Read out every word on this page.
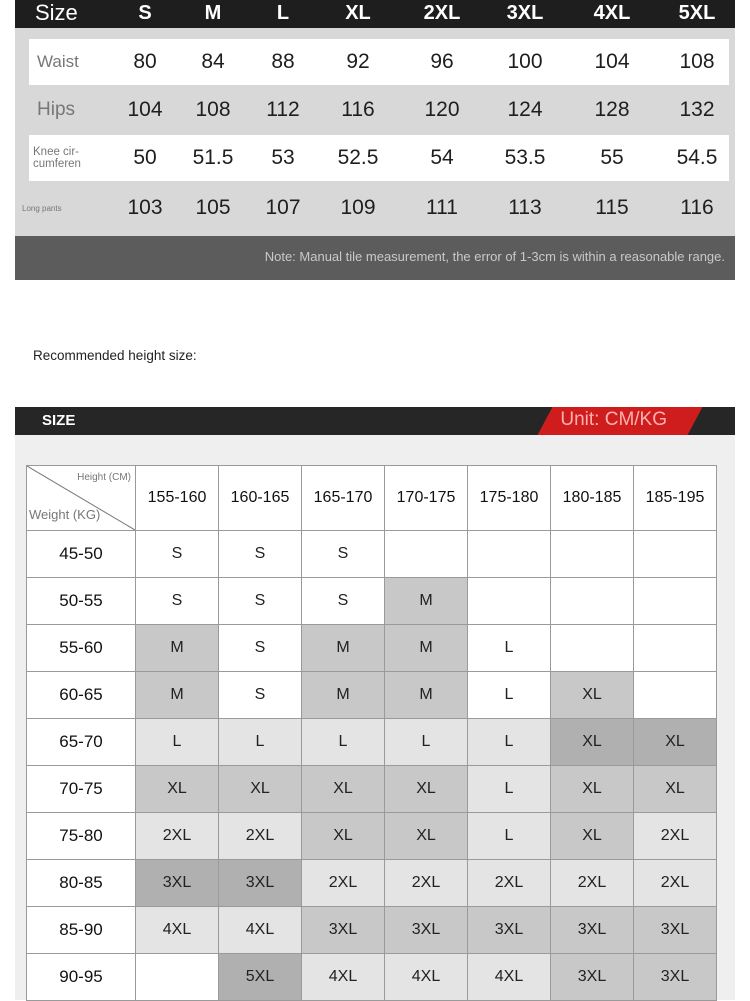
Size	S	M	L	XL	2XL	3XL	4XL	5XL
Waist	80	84	88	92	96	100	104	108
Hips	104	108	112	116	120	124	128	132
Knee cir-cumferen	50	51.5	53	52.5	54	53.5	55	54.5
Long pants	103	105	107	109	111	113	115	116
Note: Manual tile measurement, the error of 1-3cm is within a reasonable range.
Recommended height size:
SIZE	Unit: CM/KG
Height (CM)
Weight (KG)	155-160	160-165	165-170	170-175	175-180	180-185	185-195
45-50	S	S	S				
50-55	S	S	S	M			
55-60	M	S	M	M	L		
60-65	M	S	M	M	L	XL	
65-70	L	L	L	L	L	XL	XL
70-75	XL	XL	XL	XL	L	XL	XL
75-80	2XL	2XL	XL	XL	L	XL	2XL
80-85	3XL	3XL	2XL	2XL	2XL	2XL	2XL
85-90	4XL	4XL	3XL	3XL	3XL	3XL	3XL
90-95		5XL	4XL	4XL	4XL	3XL	3XL
